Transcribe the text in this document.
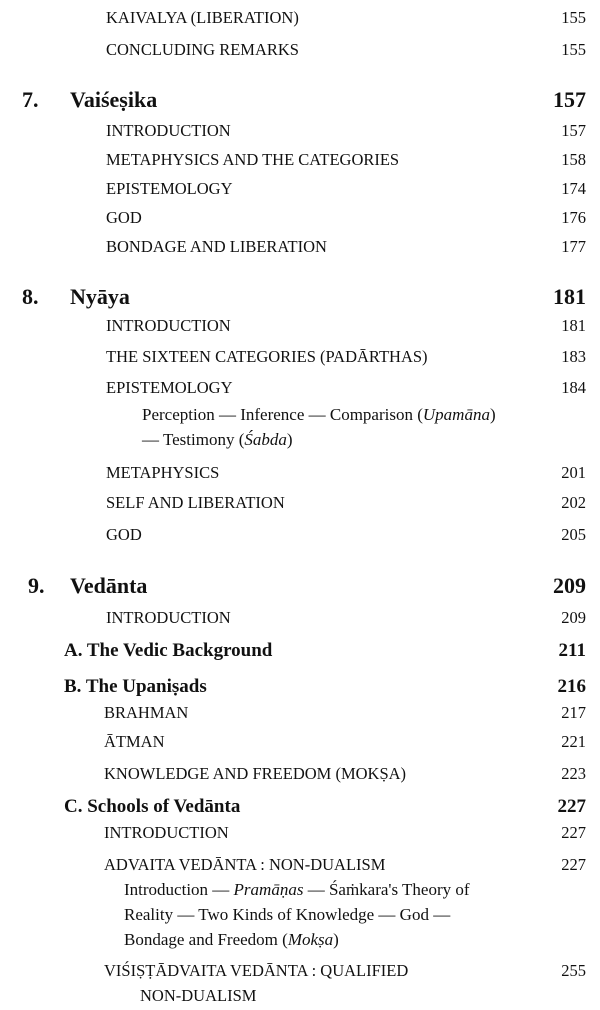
KAIVALYA (LIBERATION)	155
CONCLUDING REMARKS	155
7. Vaiśeṣika	157
INTRODUCTION	157
METAPHYSICS AND THE CATEGORIES	158
EPISTEMOLOGY	174
GOD	176
BONDAGE AND LIBERATION	177
8. Nyāya	181
INTRODUCTION	181
THE SIXTEEN CATEGORIES (PADĀRTHAS)	183
EPISTEMOLOGY	184
Perception — Inference — Comparison (Upamāna)
— Testimony (Śabda)
METAPHYSICS	201
SELF AND LIBERATION	202
GOD	205
9. Vedānta	209
INTRODUCTION	209
A. The Vedic Background	211
B. The Upaniṣads	216
BRAHMAN	217
ĀTMAN	221
KNOWLEDGE AND FREEDOM (MOKṢA)	223
C. Schools of Vedānta	227
INTRODUCTION	227
ADVAITA VEDĀNTA : NON-DUALISM	227
Introduction — Pramāṇas — Śaṁkara's Theory of
Reality — Two Kinds of Knowledge — God —
Bondage and Freedom (Mokṣa)
VIŚIṢṬĀDVAITA VEDĀNTA : QUALIFIED	255
NON-DUALISM
